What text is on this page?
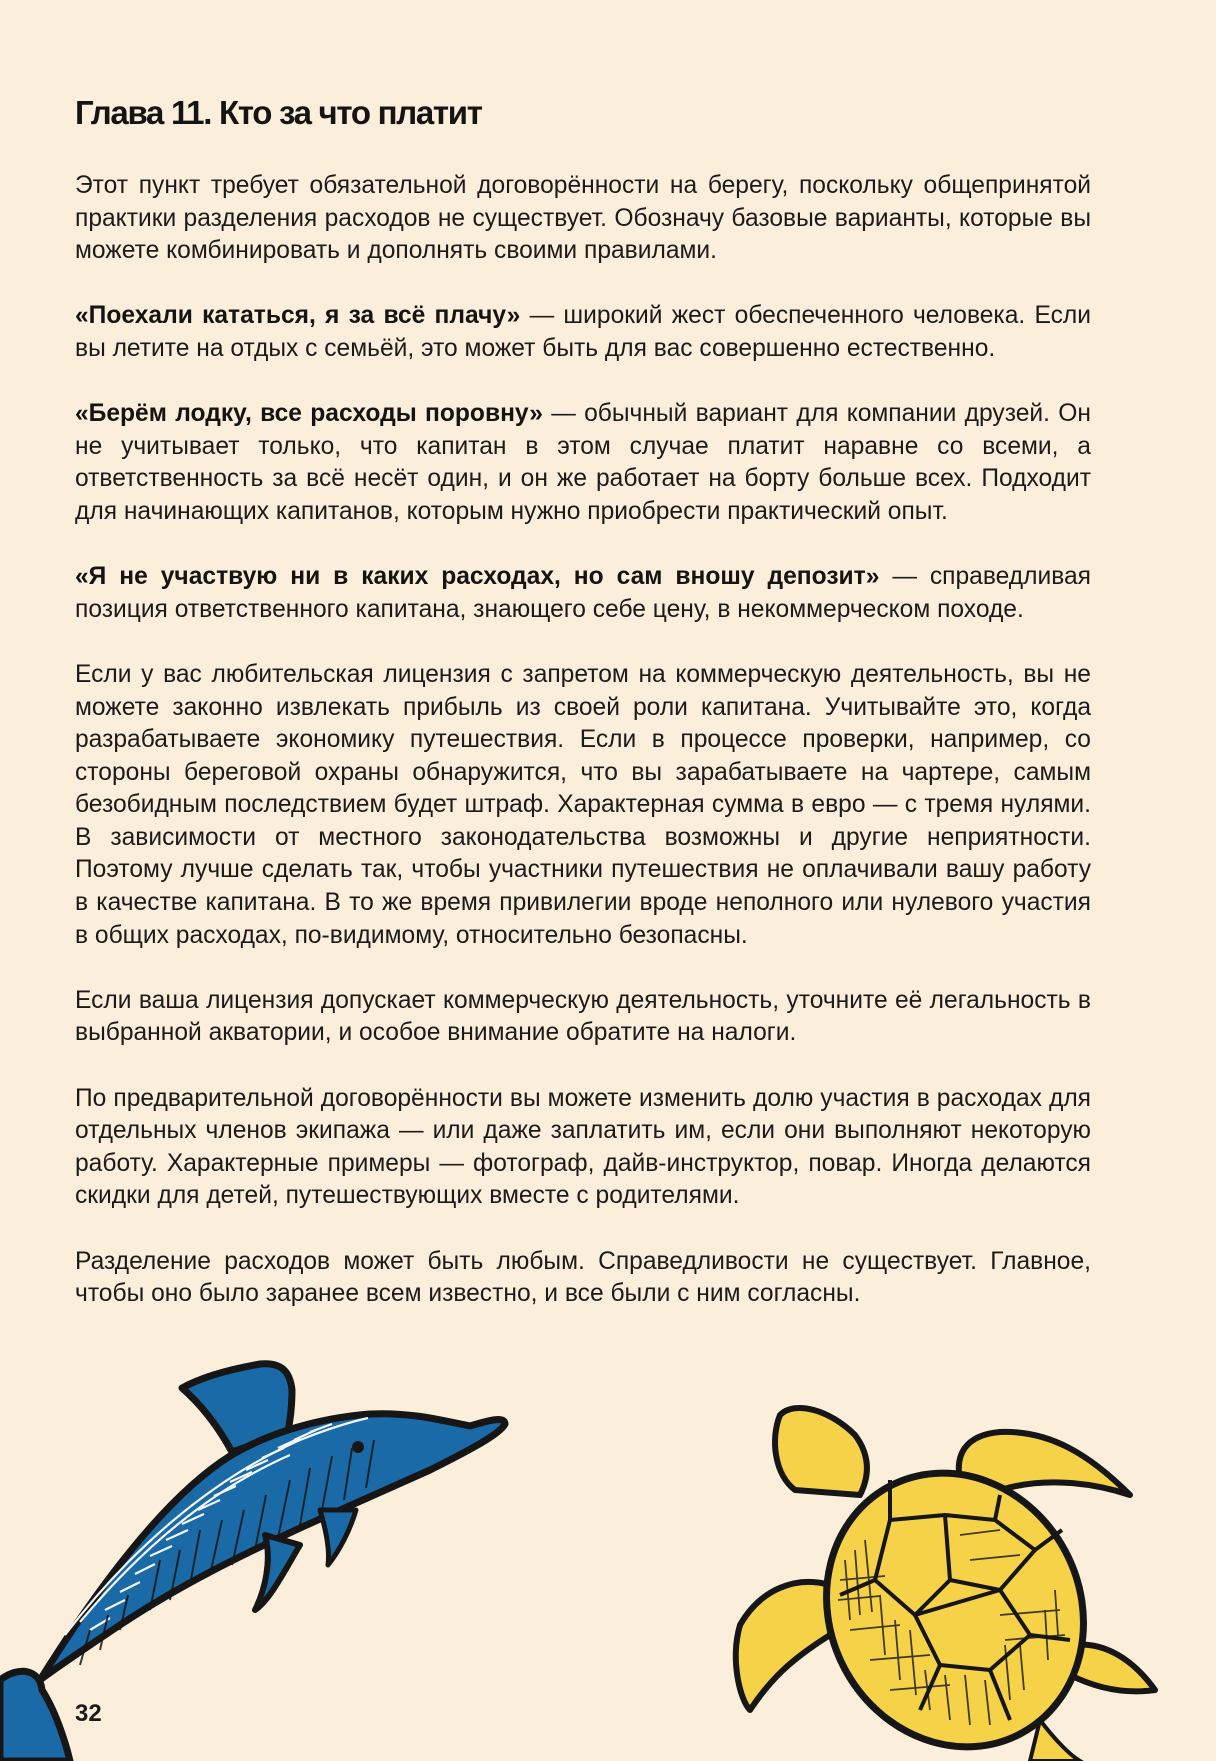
Глава 11. Кто за что платит

Этот пункт требует обязательной договорённости на берегу, поскольку общепринятой практики разделения расходов не существует. Обозначу базовые варианты, которые вы можете комбинировать и дополнять своими правилами.

«Поехали кататься, я за всё плачу» — широкий жест обеспеченного человека. Если вы летите на отдых с семьёй, это может быть для вас совершенно естественно.

«Берём лодку, все расходы поровну» — обычный вариант для компании друзей. Он не учитывает только, что капитан в этом случае платит наравне со всеми, а ответственность за всё несёт один, и он же работает на борту больше всех. Подходит для начинающих капитанов, которым нужно приобрести практический опыт.

«Я не участвую ни в каких расходах, но сам вношу депозит» — справедливая позиция ответственного капитана, знающего себе цену, в некоммерческом походе.

Если у вас любительская лицензия с запретом на коммерческую деятельность, вы не можете законно извлекать прибыль из своей роли капитана. Учитывайте это, когда разрабатываете экономику путешествия. Если в процессе проверки, например, со стороны береговой охраны обнаружится, что вы зарабатываете на чартере, самым безобидным последствием будет штраф. Характерная сумма в евро — с тремя нулями. В зависимости от местного законодательства возможны и другие неприятности. Поэтому лучше сделать так, чтобы участники путешествия не оплачивали вашу работу в качестве капитана. В то же время привилегии вроде неполного или нулевого участия в общих расходах, по-видимому, относительно безопасны.

Если ваша лицензия допускает коммерческую деятельность, уточните её легальность в выбранной акватории, и особое внимание обратите на налоги.

По предварительной договорённости вы можете изменить долю участия в расходах для отдельных членов экипажа — или даже заплатить им, если они выполняют некоторую работу. Характерные примеры — фотограф, дайв-инструктор, повар. Иногда делаются скидки для детей, путешествующих вместе с родителями.

Разделение расходов может быть любым. Справедливости не существует. Главное, чтобы оно было заранее всем известно, и все были с ним согласны.

32
